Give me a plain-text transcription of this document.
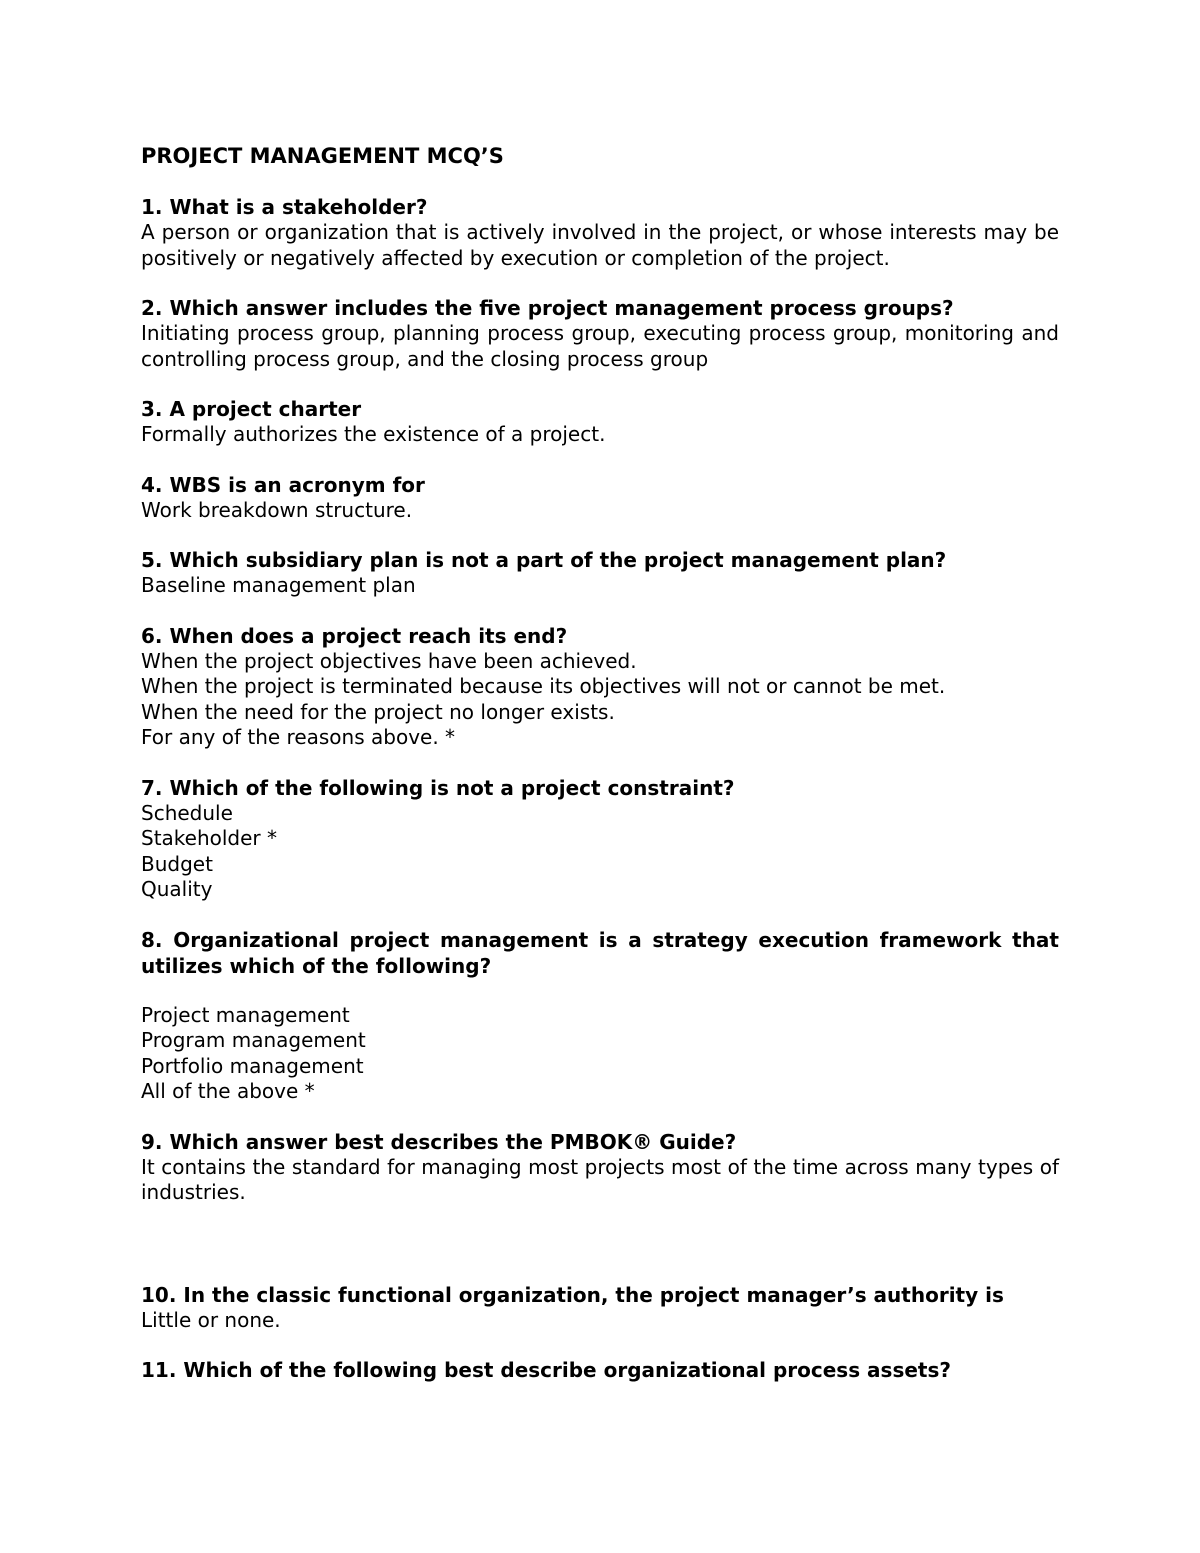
PROJECT MANAGEMENT MCQ’S

1. What is a stakeholder?

A person or organization that is actively involved in the project, or whose interests may be positively or negatively affected by execution or completion of the project.

2. Which answer includes the five project management process groups?

Initiating process group, planning process group, executing process group, monitoring and controlling process group, and the closing process group

3. A project charter

Formally authorizes the existence of a project.

4. WBS is an acronym for

Work breakdown structure.

5. Which subsidiary plan is not a part of the project management plan?

Baseline management plan

6. When does a project reach its end?

When the project objectives have been achieved.

When the project is terminated because its objectives will not or cannot be met.

When the need for the project no longer exists.

For any of the reasons above. *

7. Which of the following is not a project constraint?

Schedule

Stakeholder *

Budget

Quality

8. Organizational project management is a strategy execution framework that utilizes which of the following?

Project management

Program management

Portfolio management

All of the above *

9. Which answer best describes the PMBOK® Guide?

It contains the standard for managing most projects most of the time across many types of industries.

10. In the classic functional organization, the project manager’s authority is

Little or none.

11. Which of the following best describe organizational process assets?
